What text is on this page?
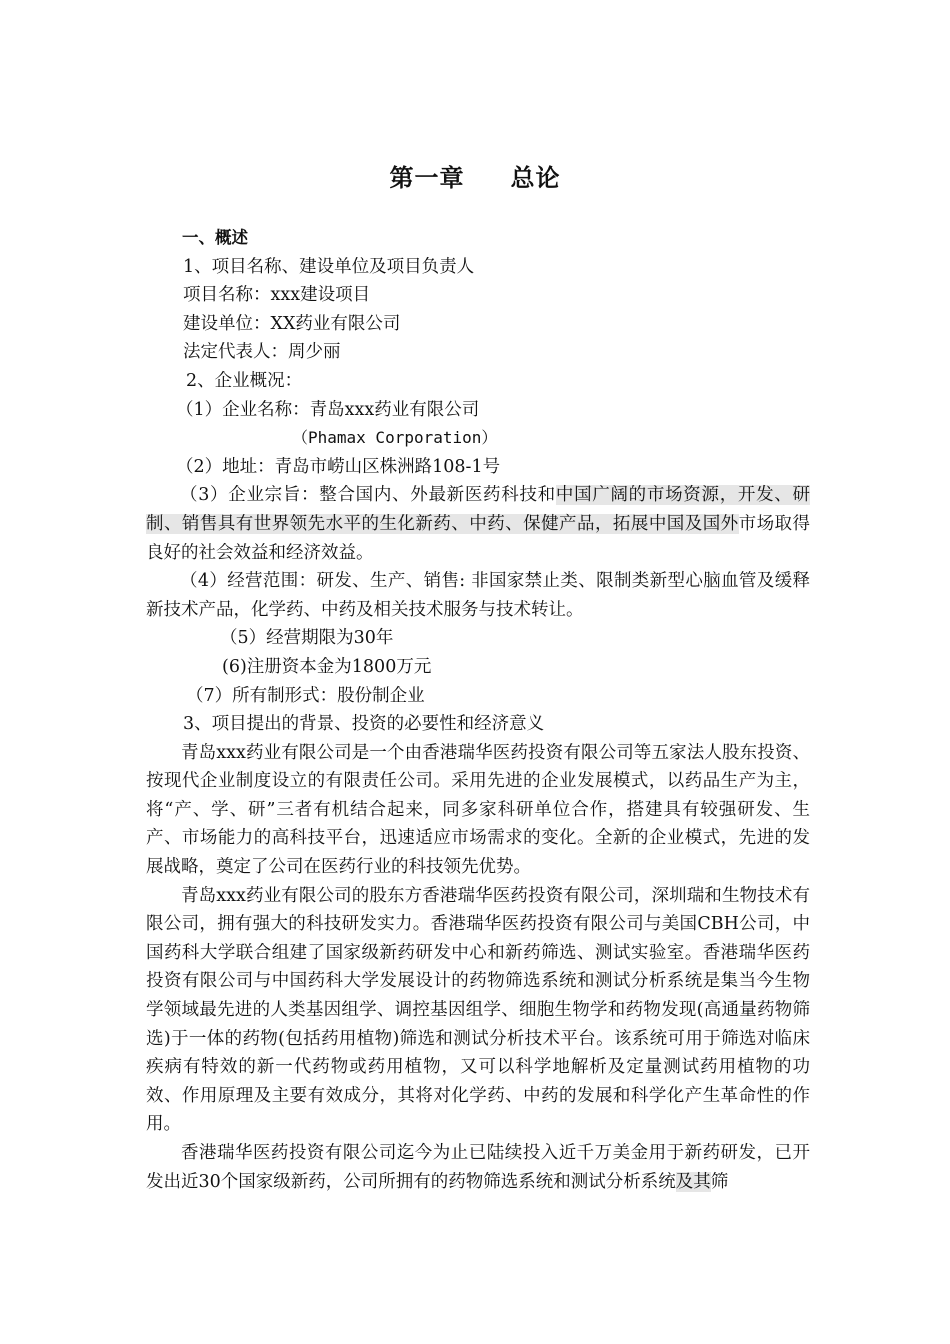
第一章 总论
一、概述
1、项目名称、建设单位及项目负责人
项目名称：xxx建设项目
建设单位：XX药业有限公司
法定代表人：周少丽
2、企业概况：
（1）企业名称：青岛xxx药业有限公司
（Phamax Corporation）
（2）地址：青岛市崂山区株洲路108-1号
（3）企业宗旨：整合国内、外最新医药科技和中国广阔的市场资源，开发、研制、销售具有世界领先水平的生化新药、中药、保健产品，拓展中国及国外市场取得良好的社会效益和经济效益。
（4）经营范围：研发、生产、销售: 非国家禁止类、限制类新型心脑血管及缓释新技术产品，化学药、中药及相关技术服务与技术转让。
（5）经营期限为30年
(6)注册资本金为1800万元
（7）所有制形式：股份制企业
3、项目提出的背景、投资的必要性和经济意义
青岛xxx药业有限公司是一个由香港瑞华医药投资有限公司等五家法人股东投资、按现代企业制度设立的有限责任公司。采用先进的企业发展模式，以药品生产为主，将“产、学、研”三者有机结合起来，同多家科研单位合作，搭建具有较强研发、生产、市场能力的高科技平台，迅速适应市场需求的变化。全新的企业模式，先进的发展战略，奠定了公司在医药行业的科技领先优势。
青岛xxx药业有限公司的股东方香港瑞华医药投资有限公司，深圳瑞和生物技术有限公司，拥有强大的科技研发实力。香港瑞华医药投资有限公司与美国CBH公司，中国药科大学联合组建了国家级新药研发中心和新药筛选、测试实验室。香港瑞华医药投资有限公司与中国药科大学发展设计的药物筛选系统和测试分析系统是集当今生物学领域最先进的人类基因组学、调控基因组学、细胞生物学和药物发现(高通量药物筛选)于一体的药物(包括药用植物)筛选和测试分析技术平台。该系统可用于筛选对临床疾病有特效的新一代药物或药用植物，又可以科学地解析及定量测试药用植物的功效、作用原理及主要有效成分，其将对化学药、中药的发展和科学化产生革命性的作用。
香港瑞华医药投资有限公司迄今为止已陆续投入近千万美金用于新药研发，已开发出近30个国家级新药，公司所拥有的药物筛选系统和测试分析系统及其筛
